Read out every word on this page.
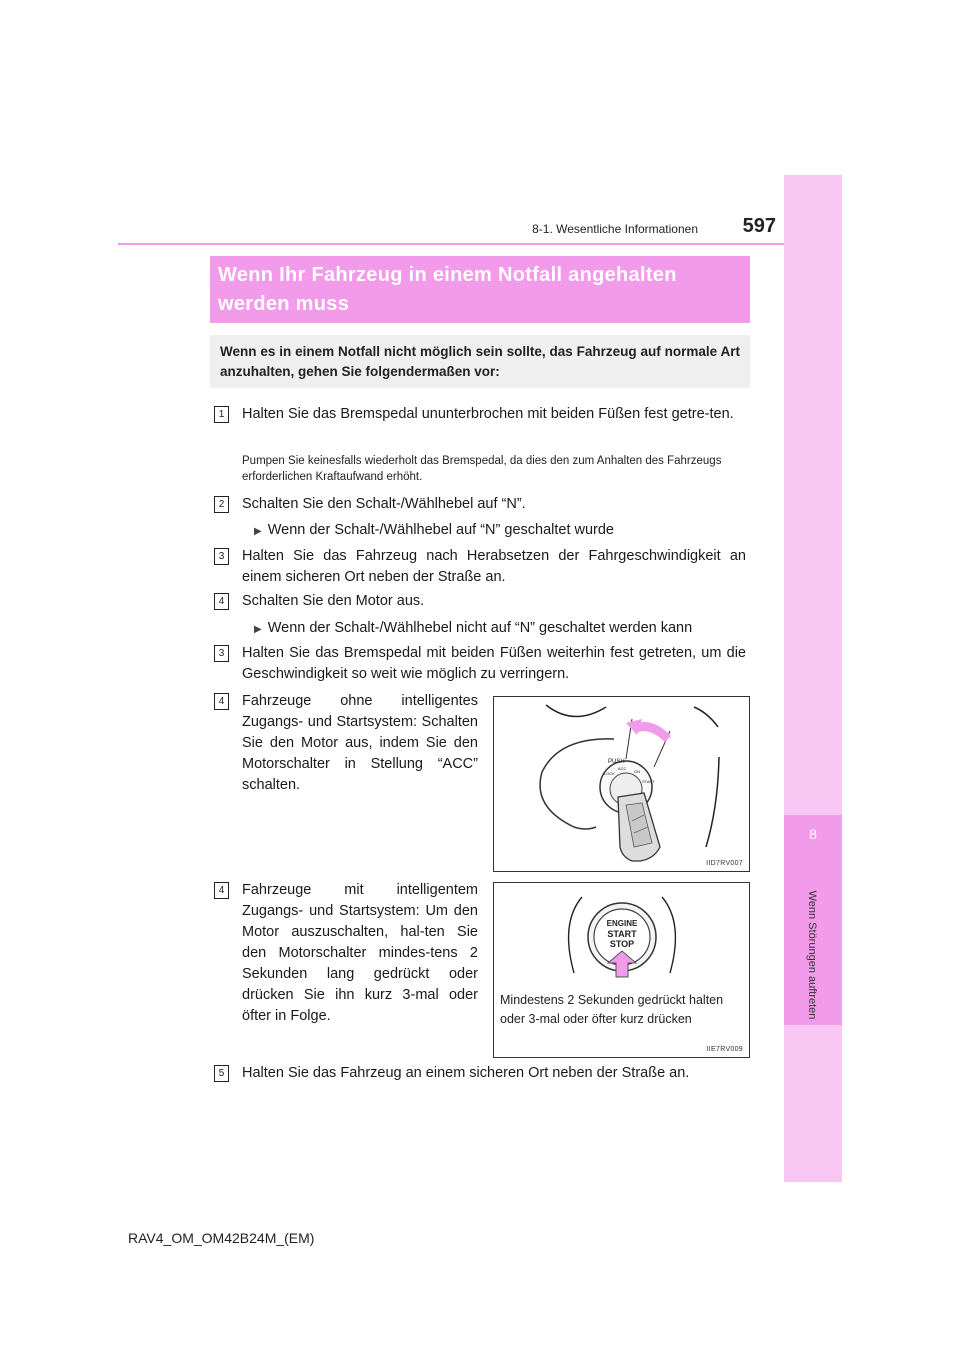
8
Wenn Störungen auftreten
8-1. Wesentliche Informationen	597
Wenn Ihr Fahrzeug in einem Notfall angehalten werden muss
Wenn es in einem Notfall nicht möglich sein sollte, das Fahrzeug auf normale Art anzuhalten, gehen Sie folgendermaßen vor:
1	Halten Sie das Bremspedal ununterbrochen mit beiden Füßen fest getre-ten.
Pumpen Sie keinesfalls wiederholt das Bremspedal, da dies den zum Anhalten des Fahrzeugs erforderlichen Kraftaufwand erhöht.
2	Schalten Sie den Schalt-/Wählhebel auf “N”.
▶ Wenn der Schalt-/Wählhebel auf “N” geschaltet wurde
3	Halten Sie das Fahrzeug nach Herabsetzen der Fahrgeschwindigkeit an einem sicheren Ort neben der Straße an.
4	Schalten Sie den Motor aus.
▶ Wenn der Schalt-/Wählhebel nicht auf “N” geschaltet werden kann
3	Halten Sie das Bremspedal mit beiden Füßen weiterhin fest getreten, um die Geschwindigkeit so weit wie möglich zu verringern.
4	Fahrzeuge ohne intelligentes Zugangs- und Startsystem: Schalten Sie den Motor aus, indem Sie den Motorschalter in Stellung “ACC” schalten.
PUSH
LOCK
ACC
ON
START
IID7RV007
4	Fahrzeuge mit intelligentem Zugangs- und Startsystem: Um den Motor auszuschalten, hal-ten Sie den Motorschalter mindes-tens 2 Sekunden lang gedrückt oder drücken Sie ihn kurz 3-mal oder öfter in Folge.
ENGINE
START
STOP
Mindestens 2 Sekunden gedrückt halten
oder 3-mal oder öfter kurz drücken
IIE7RV009
5	Halten Sie das Fahrzeug an einem sicheren Ort neben der Straße an.
RAV4_OM_OM42B24M_(EM)
